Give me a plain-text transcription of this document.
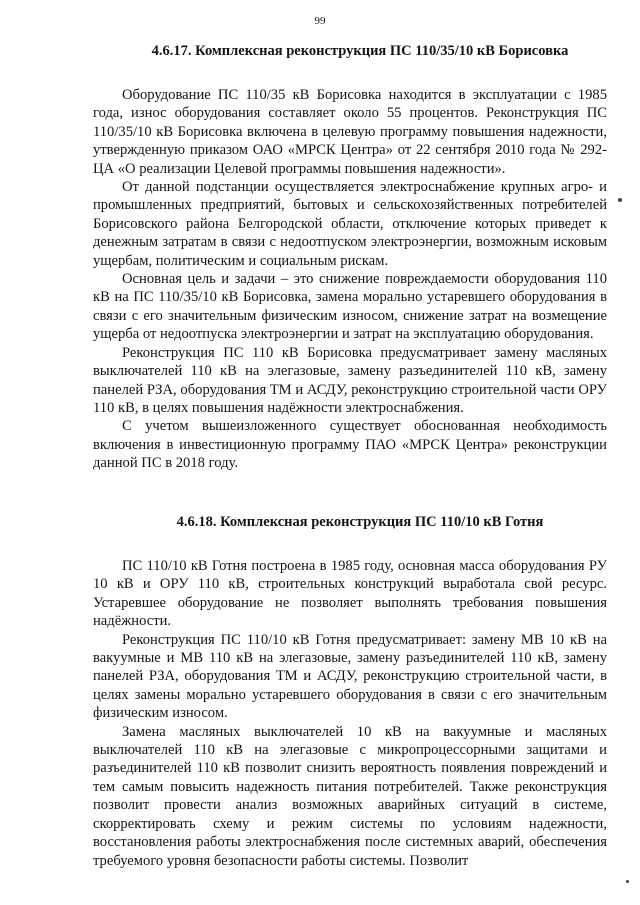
99
4.6.17. Комплексная реконструкция ПС 110/35/10 кВ Борисовка

Оборудование ПС 110/35 кВ Борисовка находится в эксплуатации с 1985 года, износ оборудования составляет около 55 процентов. Реконструкция ПС 110/35/10 кВ Борисовка включена в целевую программу повышения надежности, утвержденную приказом ОАО «МРСК Центра» от 22 сентября 2010 года № 292-ЦА «О реализации Целевой программы повышения надежности».

От данной подстанции осуществляется электроснабжение крупных агро- и промышленных предприятий, бытовых и сельскохозяйственных потребителей Борисовского района Белгородской области, отключение которых приведет к денежным затратам в связи с недоотпуском электроэнергии, возможным исковым ущербам, политическим и социальным рискам.

Основная цель и задачи – это снижение повреждаемости оборудования 110 кВ на ПС 110/35/10 кВ Борисовка, замена морально устаревшего оборудования в связи с его значительным физическим износом, снижение затрат на возмещение ущерба от недоотпуска электроэнергии и затрат на эксплуатацию оборудования.

Реконструкция ПС 110 кВ Борисовка предусматривает замену масляных выключателей 110 кВ на элегазовые, замену разъединителей 110 кВ, замену панелей РЗА, оборудования ТМ и АСДУ, реконструкцию строительной части ОРУ 110 кВ, в целях повышения надёжности электроснабжения.

С учетом вышеизложенного существует обоснованная необходимость включения в инвестиционную программу ПАО «МРСК Центра» реконструкции данной ПС в 2018 году.

4.6.18. Комплексная реконструкция ПС 110/10 кВ Готня

ПС 110/10 кВ Готня построена в 1985 году, основная масса оборудования РУ 10 кВ и ОРУ 110 кВ, строительных конструкций выработала свой ресурс. Устаревшее оборудование не позволяет выполнять требования повышения надёжности.

Реконструкция ПС 110/10 кВ Готня предусматривает: замену МВ 10 кВ на вакуумные и МВ 110 кВ на элегазовые, замену разъединителей 110 кВ, замену панелей РЗА, оборудования ТМ и АСДУ, реконструкцию строительной части, в целях замены морально устаревшего оборудования в связи с его значительным физическим износом.

Замена масляных выключателей 10 кВ на вакуумные и масляных выключателей 110 кВ на элегазовые с микропроцессорными защитами и разъединителей 110 кВ позволит снизить вероятность появления повреждений и тем самым повысить надежность питания потребителей. Также реконструкция позволит провести анализ возможных аварийных ситуаций в системе, скорректировать схему и режим системы по условиям надежности, восстановления работы электроснабжения после системных аварий, обеспечения требуемого уровня безопасности работы системы. Позволит
